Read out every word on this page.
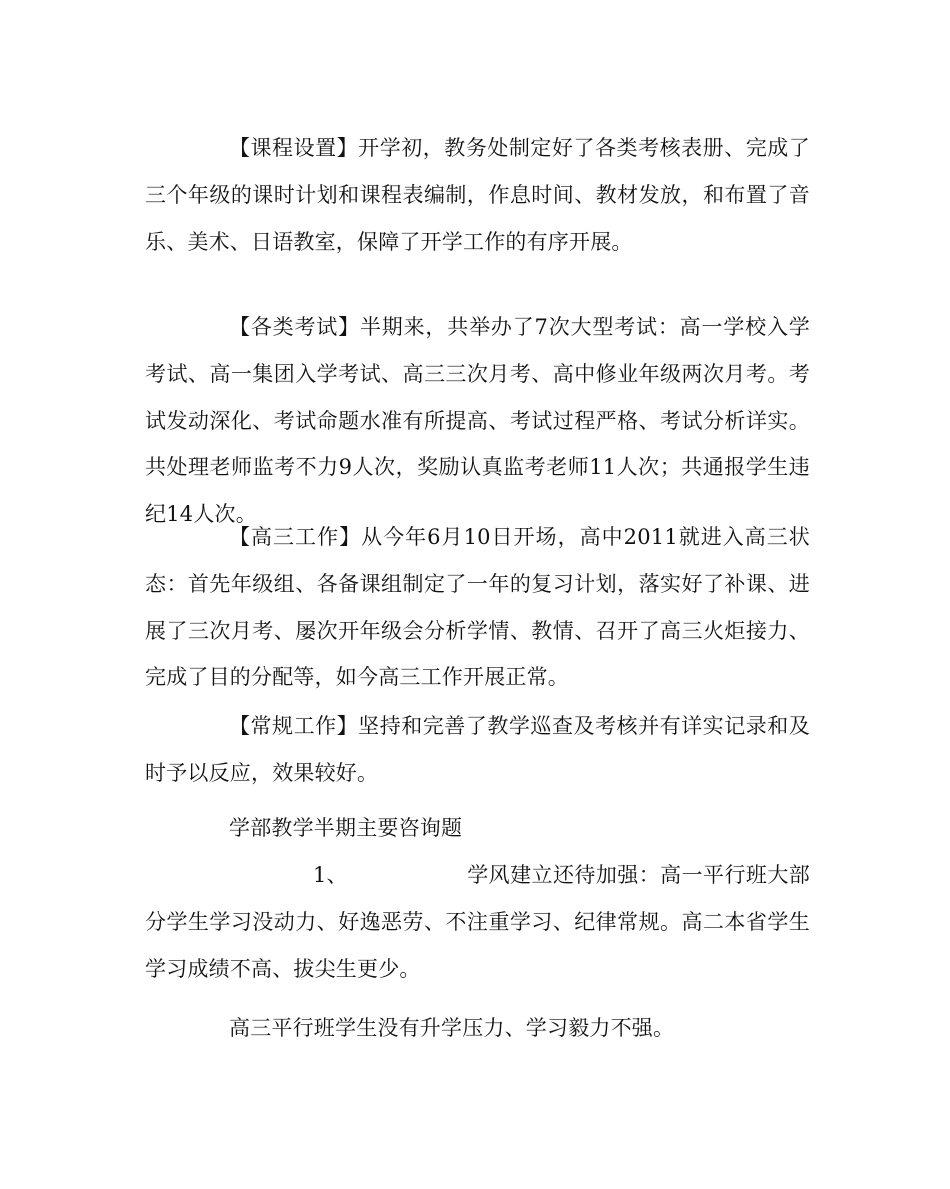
【课程设置】开学初，教务处制定好了各类考核表册、完成了三个年级的课时计划和课程表编制，作息时间、教材发放，和布置了音乐、美术、日语教室，保障了开学工作的有序开展。

【各类考试】半期来，共举办了7次大型考试：高一学校入学考试、高一集团入学考试、高三三次月考、高中修业年级两次月考。考试发动深化、考试命题水准有所提高、考试过程严格、考试分析详实。共处理老师监考不力9人次，奖励认真监考老师11人次；共通报学生违纪14人次。

【高三工作】从今年6月10日开场，高中2011就进入高三状态：首先年级组、各备课组制定了一年的复习计划，落实好了补课、进展了三次月考、屡次开年级会分析学情、教情、召开了高三火炬接力、完成了目的分配等，如今高三工作开展正常。

【常规工作】坚持和完善了教学巡查及考核并有详实记录和及时予以反应，效果较好。

学部教学半期主要咨询题

1、	学风建立还待加强：高一平行班大部分学生学习没动力、好逸恶劳、不注重学习、纪律常规。高二本省学生学习成绩不高、拔尖生更少。

高三平行班学生没有升学压力、学习毅力不强。
